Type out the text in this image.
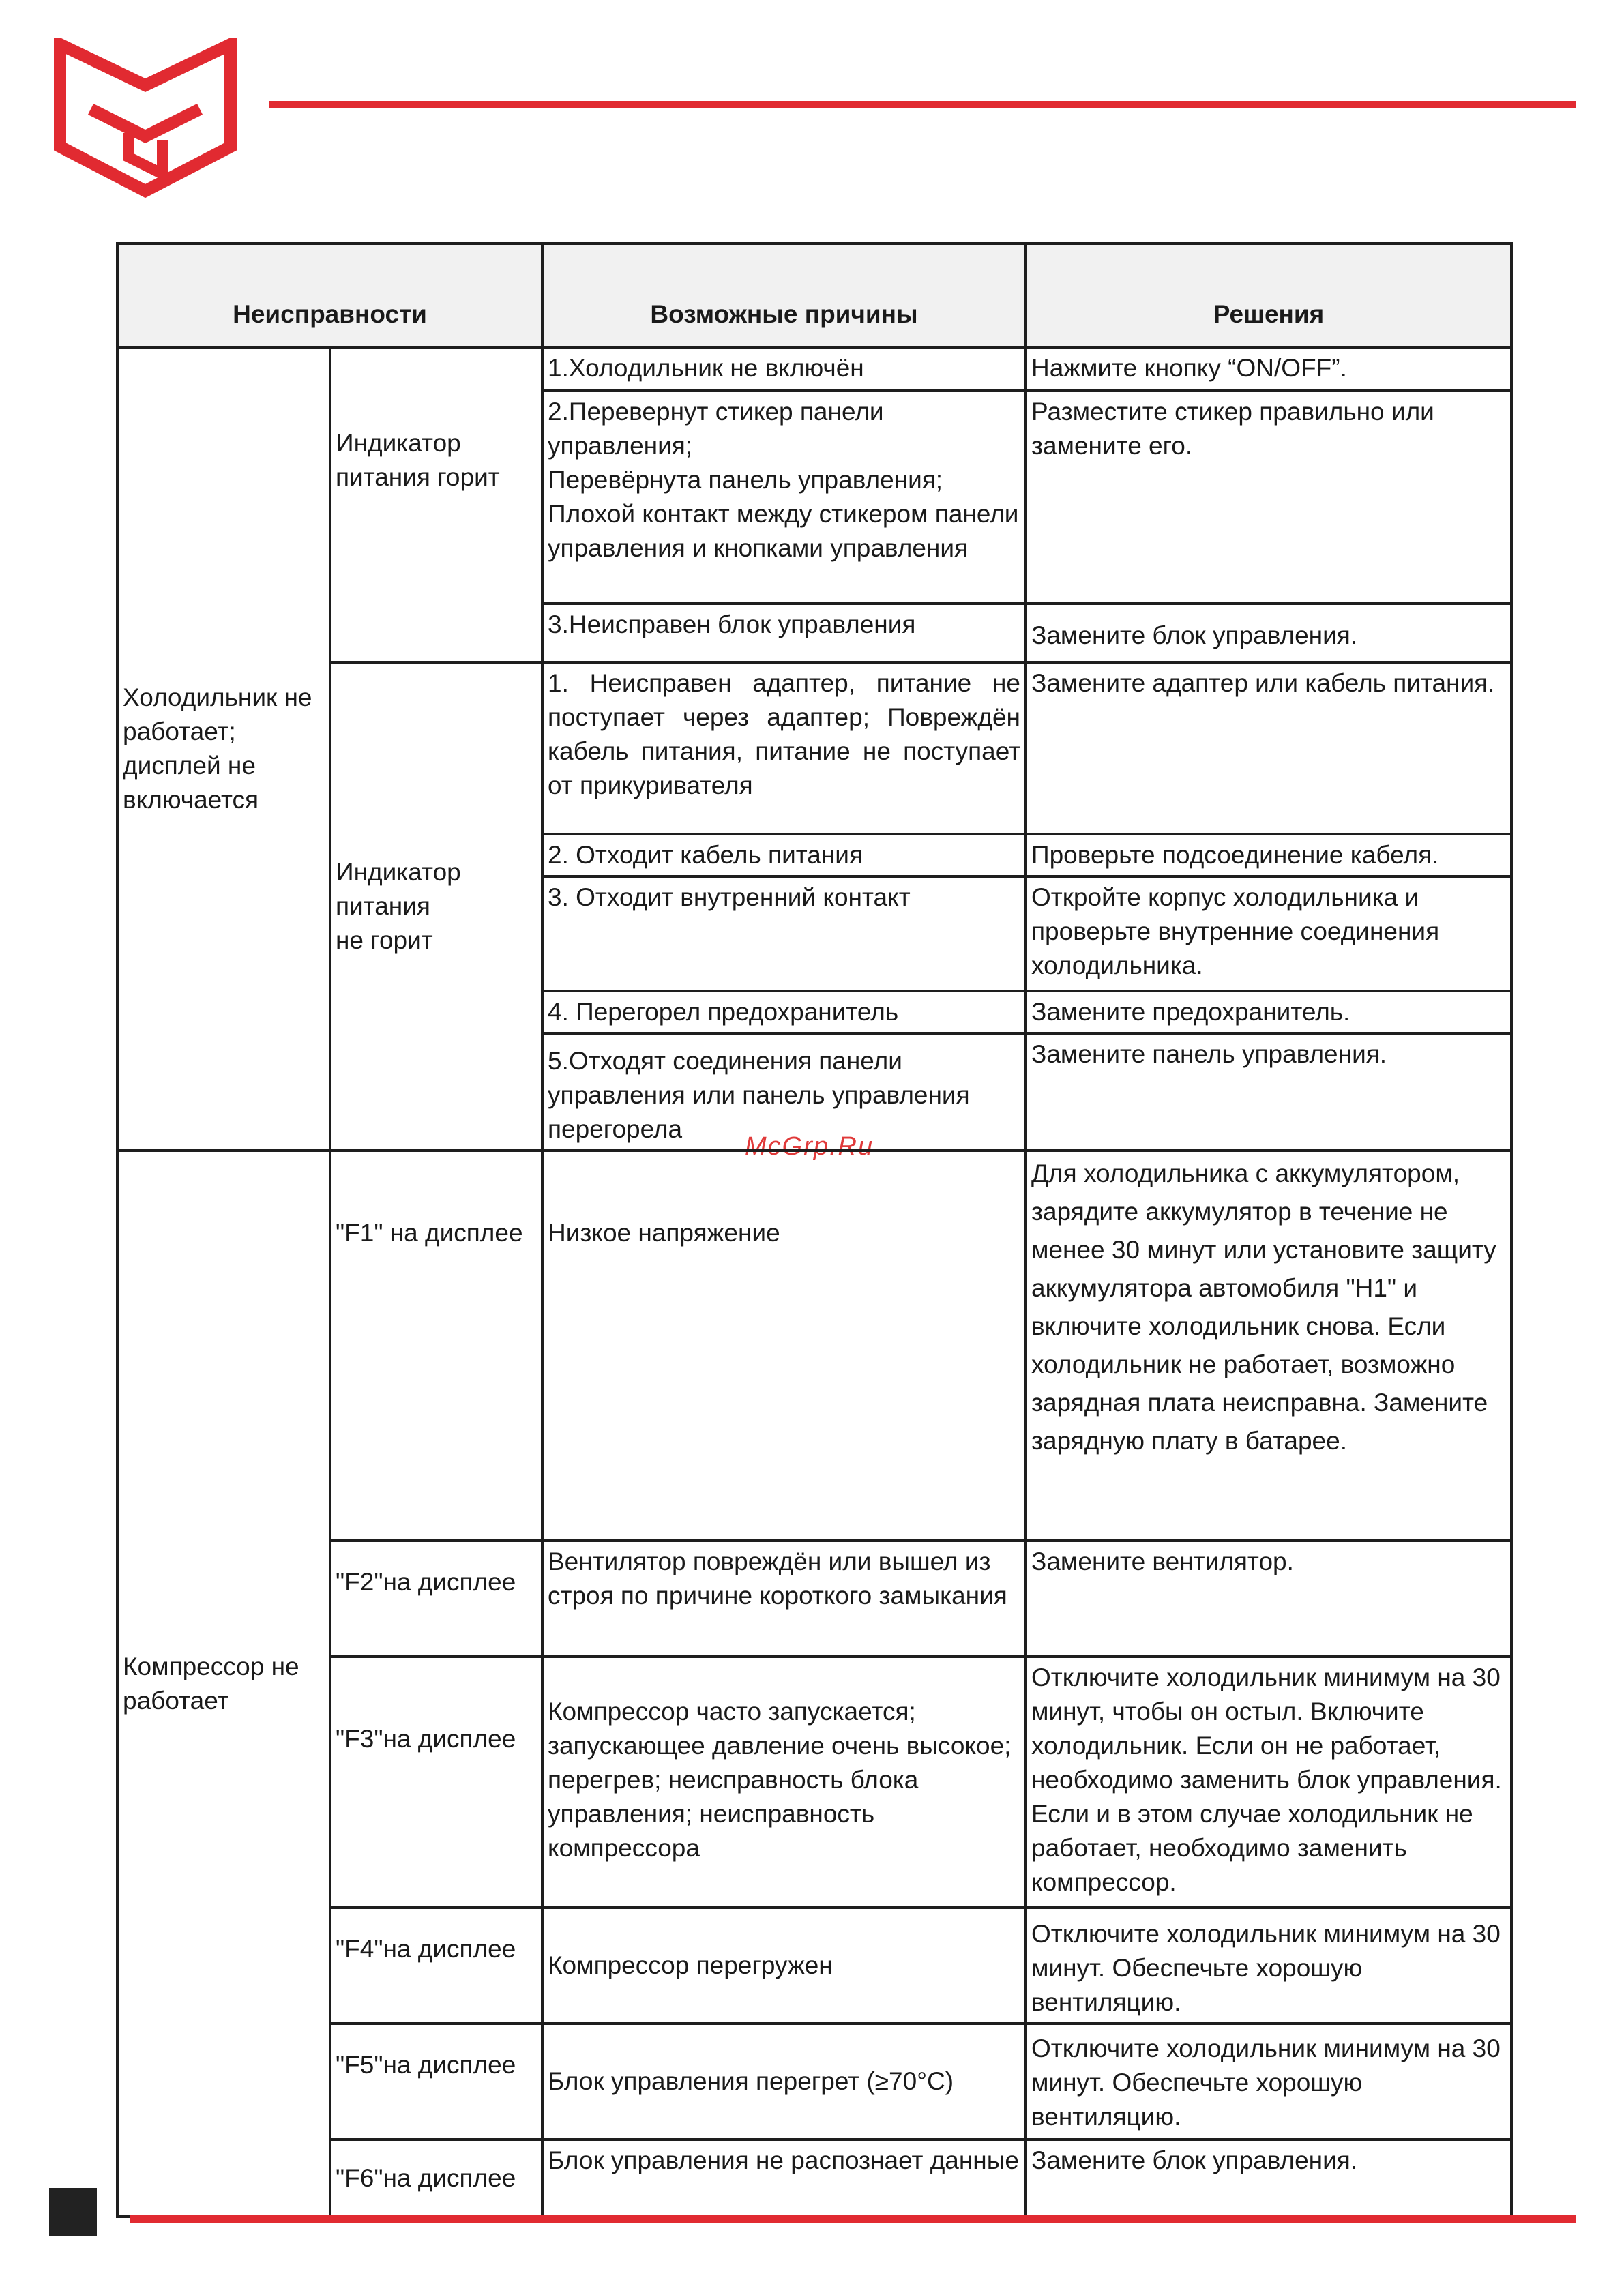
McGrp.Ru
Неисправности		Возможные причины	Решения
Холодильник не работает; дисплей не включается	Индикатор питания горит	1.Холодильник не включён	Нажмите кнопку “ON/OFF”.
		2.Перевернут стикер панели управления;
Перевёрнута панель управления;
Плохой контакт между стикером панели управления и кнопками управления	Разместите стикер правильно или замените его.
		3.Неисправен блок управления	Замените блок управления.
	Индикатор питания
не горит	1. Неисправен адаптер, питание не поступает через адаптер; Повреждён кабель питания, питание не поступает от прикуривателя	Замените адаптер или кабель питания.
		2. Отходит кабель питания	Проверьте подсоединение кабеля.
		3. Отходит внутренний контакт	Откройте корпус холодильника и проверьте внутренние соединения холодильника.
		4. Перегорел предохранитель	Замените предохранитель.
		5.Отходят соединения панели управления или панель управления перегорела	Замените панель управления.
Компрессор не работает	"F1" на дисплее	Низкое напряжение	Для холодильника с аккумулятором, зарядите аккумулятор в течение не менее 30 минут или установите защиту аккумулятора автомобиля "H1" и включите холодильник снова. Если холодильник не работает, возможно зарядная плата неисправна. Замените зарядную плату в батарее.

	"F2"на дисплее	Вентилятор повреждён или вышел из строя по причине короткого замыкания	Замените вентилятор.

	"F3"на дисплее	Компрессор часто запускается; запускающее давление очень высокое; перегрев; неисправность блока управления; неисправность компрессора	Отключите холодильник минимум на 30 минут, чтобы он остыл. Включите холодильник. Если он не работает, необходимо заменить блок управления. Если и в этом случае холодильник не работает, необходимо заменить компрессор.

	"F4"на дисплее	Компрессор перегружен	Отключите холодильник минимум на 30 минут. Обеспечьте хорошую вентиляцию.

	"F5"на дисплее	Блок управления перегрет (≥70°C)	Отключите холодильник минимум на 30 минут. Обеспечьте хорошую вентиляцию.
	"F6"на дисплее	Блок управления не распознает данные	Замените блок управления.
